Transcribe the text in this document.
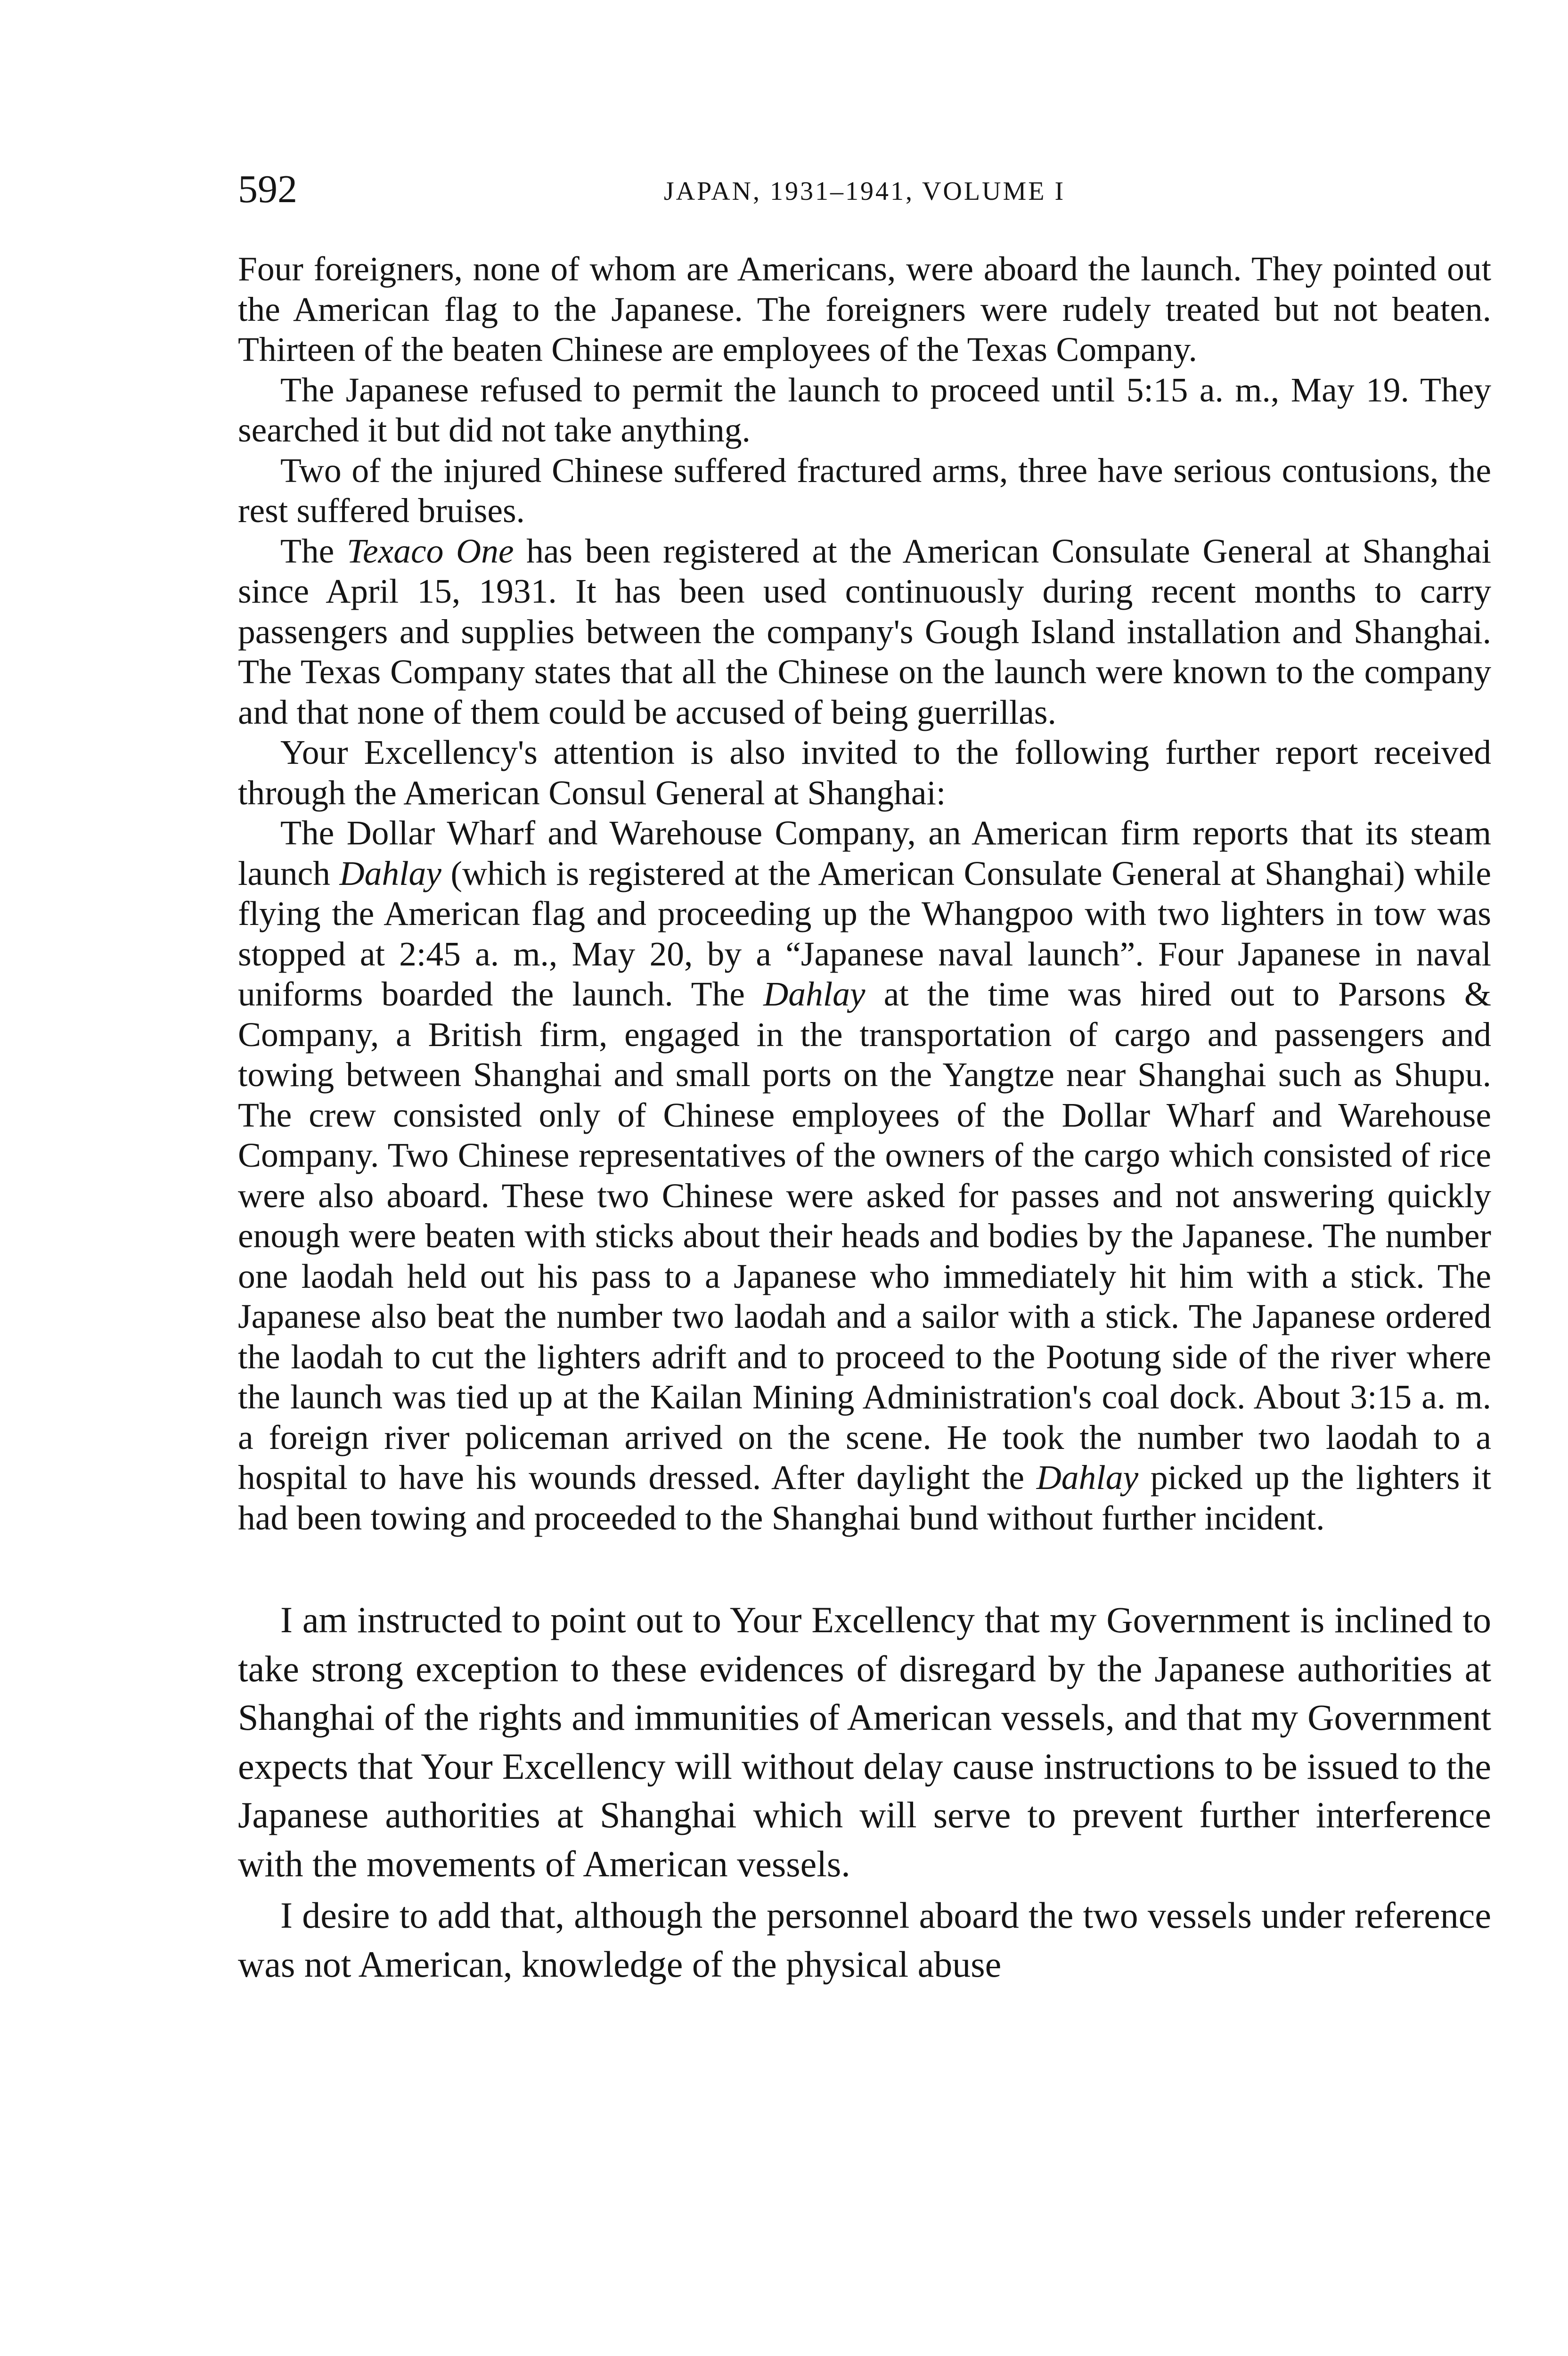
592	JAPAN, 1931–1941, VOLUME I

Four foreigners, none of whom are Americans, were aboard the launch. They pointed out the American flag to the Japanese. The foreigners were rudely treated but not beaten. Thirteen of the beaten Chinese are employees of the Texas Company.

The Japanese refused to permit the launch to proceed until 5:15 a. m., May 19. They searched it but did not take anything.

Two of the injured Chinese suffered fractured arms, three have serious contusions, the rest suffered bruises.

The Texaco One has been registered at the American Consulate General at Shanghai since April 15, 1931. It has been used continuously during recent months to carry passengers and supplies between the company's Gough Island installation and Shanghai. The Texas Company states that all the Chinese on the launch were known to the company and that none of them could be accused of being guerrillas.

Your Excellency's attention is also invited to the following further report received through the American Consul General at Shanghai:

The Dollar Wharf and Warehouse Company, an American firm reports that its steam launch Dahlay (which is registered at the American Consulate General at Shanghai) while flying the American flag and proceeding up the Whangpoo with two lighters in tow was stopped at 2:45 a. m., May 20, by a “Japanese naval launch”. Four Japanese in naval uniforms boarded the launch. The Dahlay at the time was hired out to Parsons & Company, a British firm, engaged in the transportation of cargo and passengers and towing between Shanghai and small ports on the Yangtze near Shanghai such as Shupu. The crew consisted only of Chinese employees of the Dollar Wharf and Warehouse Company. Two Chinese representatives of the owners of the cargo which consisted of rice were also aboard. These two Chinese were asked for passes and not answering quickly enough were beaten with sticks about their heads and bodies by the Japanese. The number one laodah held out his pass to a Japanese who immediately hit him with a stick. The Japanese also beat the number two laodah and a sailor with a stick. The Japanese ordered the laodah to cut the lighters adrift and to proceed to the Pootung side of the river where the launch was tied up at the Kailan Mining Administration's coal dock. About 3:15 a. m. a foreign river policeman arrived on the scene. He took the number two laodah to a hospital to have his wounds dressed. After daylight the Dahlay picked up the lighters it had been towing and proceeded to the Shanghai bund without further incident.

I am instructed to point out to Your Excellency that my Government is inclined to take strong exception to these evidences of disregard by the Japanese authorities at Shanghai of the rights and immunities of American vessels, and that my Government expects that Your Excellency will without delay cause instructions to be issued to the Japanese authorities at Shanghai which will serve to prevent further interference with the movements of American vessels.

I desire to add that, although the personnel aboard the two vessels under reference was not American, knowledge of the physical abuse
